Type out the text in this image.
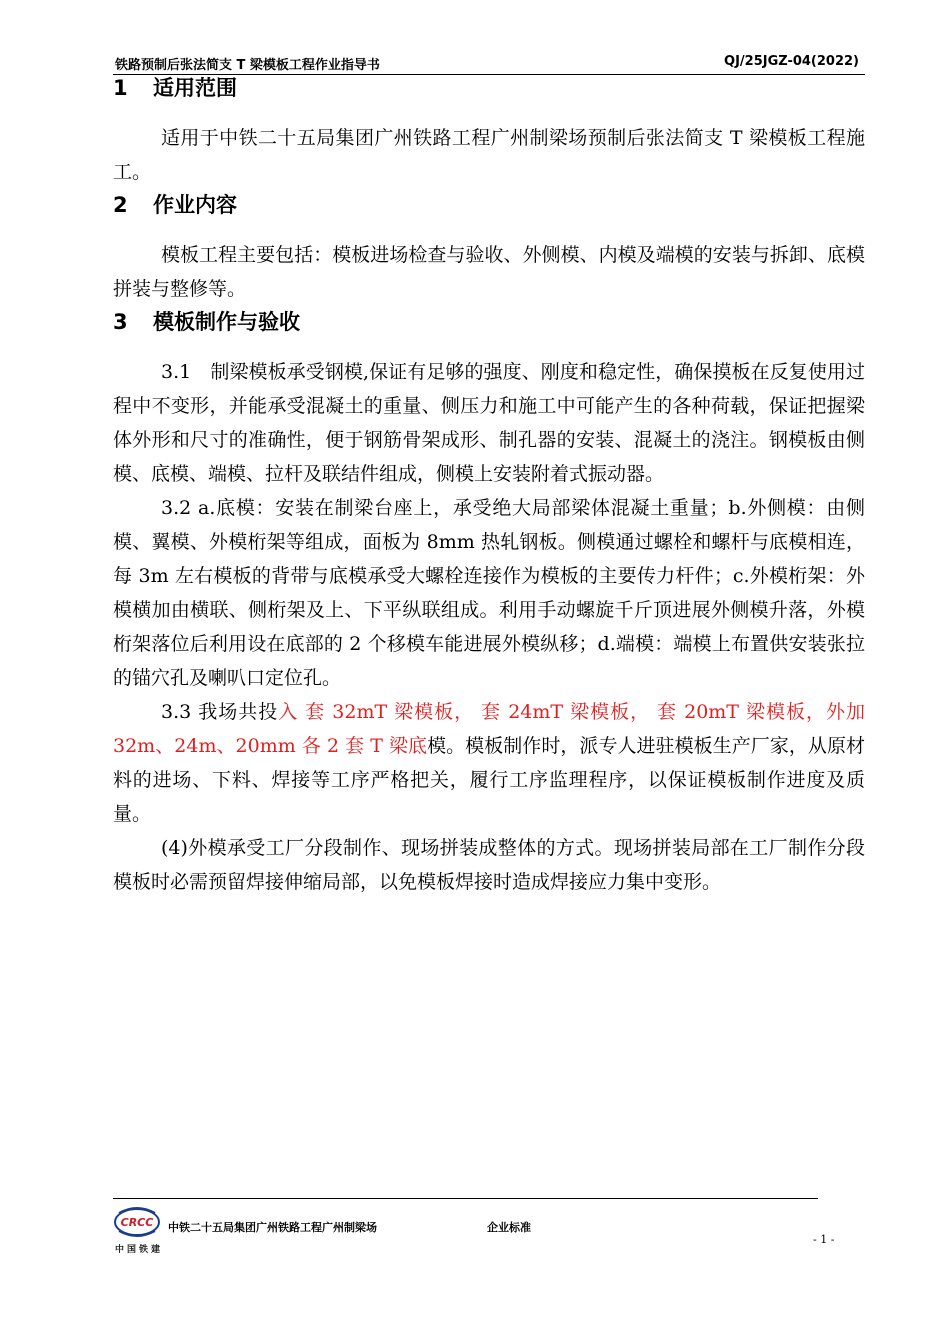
铁路预制后张法简支 T 梁模板工程作业指导书	QJ/25JGZ-04(2022)
1 适用范围

适用于中铁二十五局集团广州铁路工程广州制梁场预制后张法简支 T 梁模板工程施工。

2 作业内容

模板工程主要包括：模板进场检查与验收、外侧模、内模及端模的安装与拆卸、底模拼装与整修等。

3 模板制作与验收

3.1　制梁模板承受钢模,保证有足够的强度、刚度和稳定性，确保摸板在反复使用过程中不变形，并能承受混凝土的重量、侧压力和施工中可能产生的各种荷载，保证把握梁体外形和尺寸的准确性，便于钢筋骨架成形、制孔器的安装、混凝土的浇注。钢模板由侧模、底模、端模、拉杆及联结件组成，侧模上安装附着式振动器。

3.2 a.底模：安装在制梁台座上，承受绝大局部梁体混凝土重量；b.外侧模：由侧模、翼模、外模桁架等组成，面板为 8mm 热轧钢板。侧模通过螺栓和螺杆与底模相连，每 3m 左右模板的背带与底模承受大螺栓连接作为模板的主要传力杆件；c.外模桁架：外模横加由横联、侧桁架及上、下平纵联组成。利用手动螺旋千斤顶进展外侧模升落，外模桁架落位后利用设在底部的 2 个移模车能进展外模纵移；d.端模：端模上布置供安装张拉的锚穴孔及喇叭口定位孔。

3.3 我场共投入 套 32mT 梁模板， 套 24mT 梁模板， 套 20mT 梁模板，外加 32m、24m、20mm 各 2 套 T 梁底模。模板制作时，派专人进驻模板生产厂家，从原材料的进场、下料、焊接等工序严格把关，履行工序监理程序，以保证模板制作进度及质量。

(4)外模承受工厂分段制作、现场拼装成整体的方式。现场拼装局部在工厂制作分段模板时必需预留焊接伸缩局部，以免模板焊接时造成焊接应力集中变形。

CRCC
中国铁建
中铁二十五局集团广州铁路工程广州制梁场	企业标准
- 1 -
